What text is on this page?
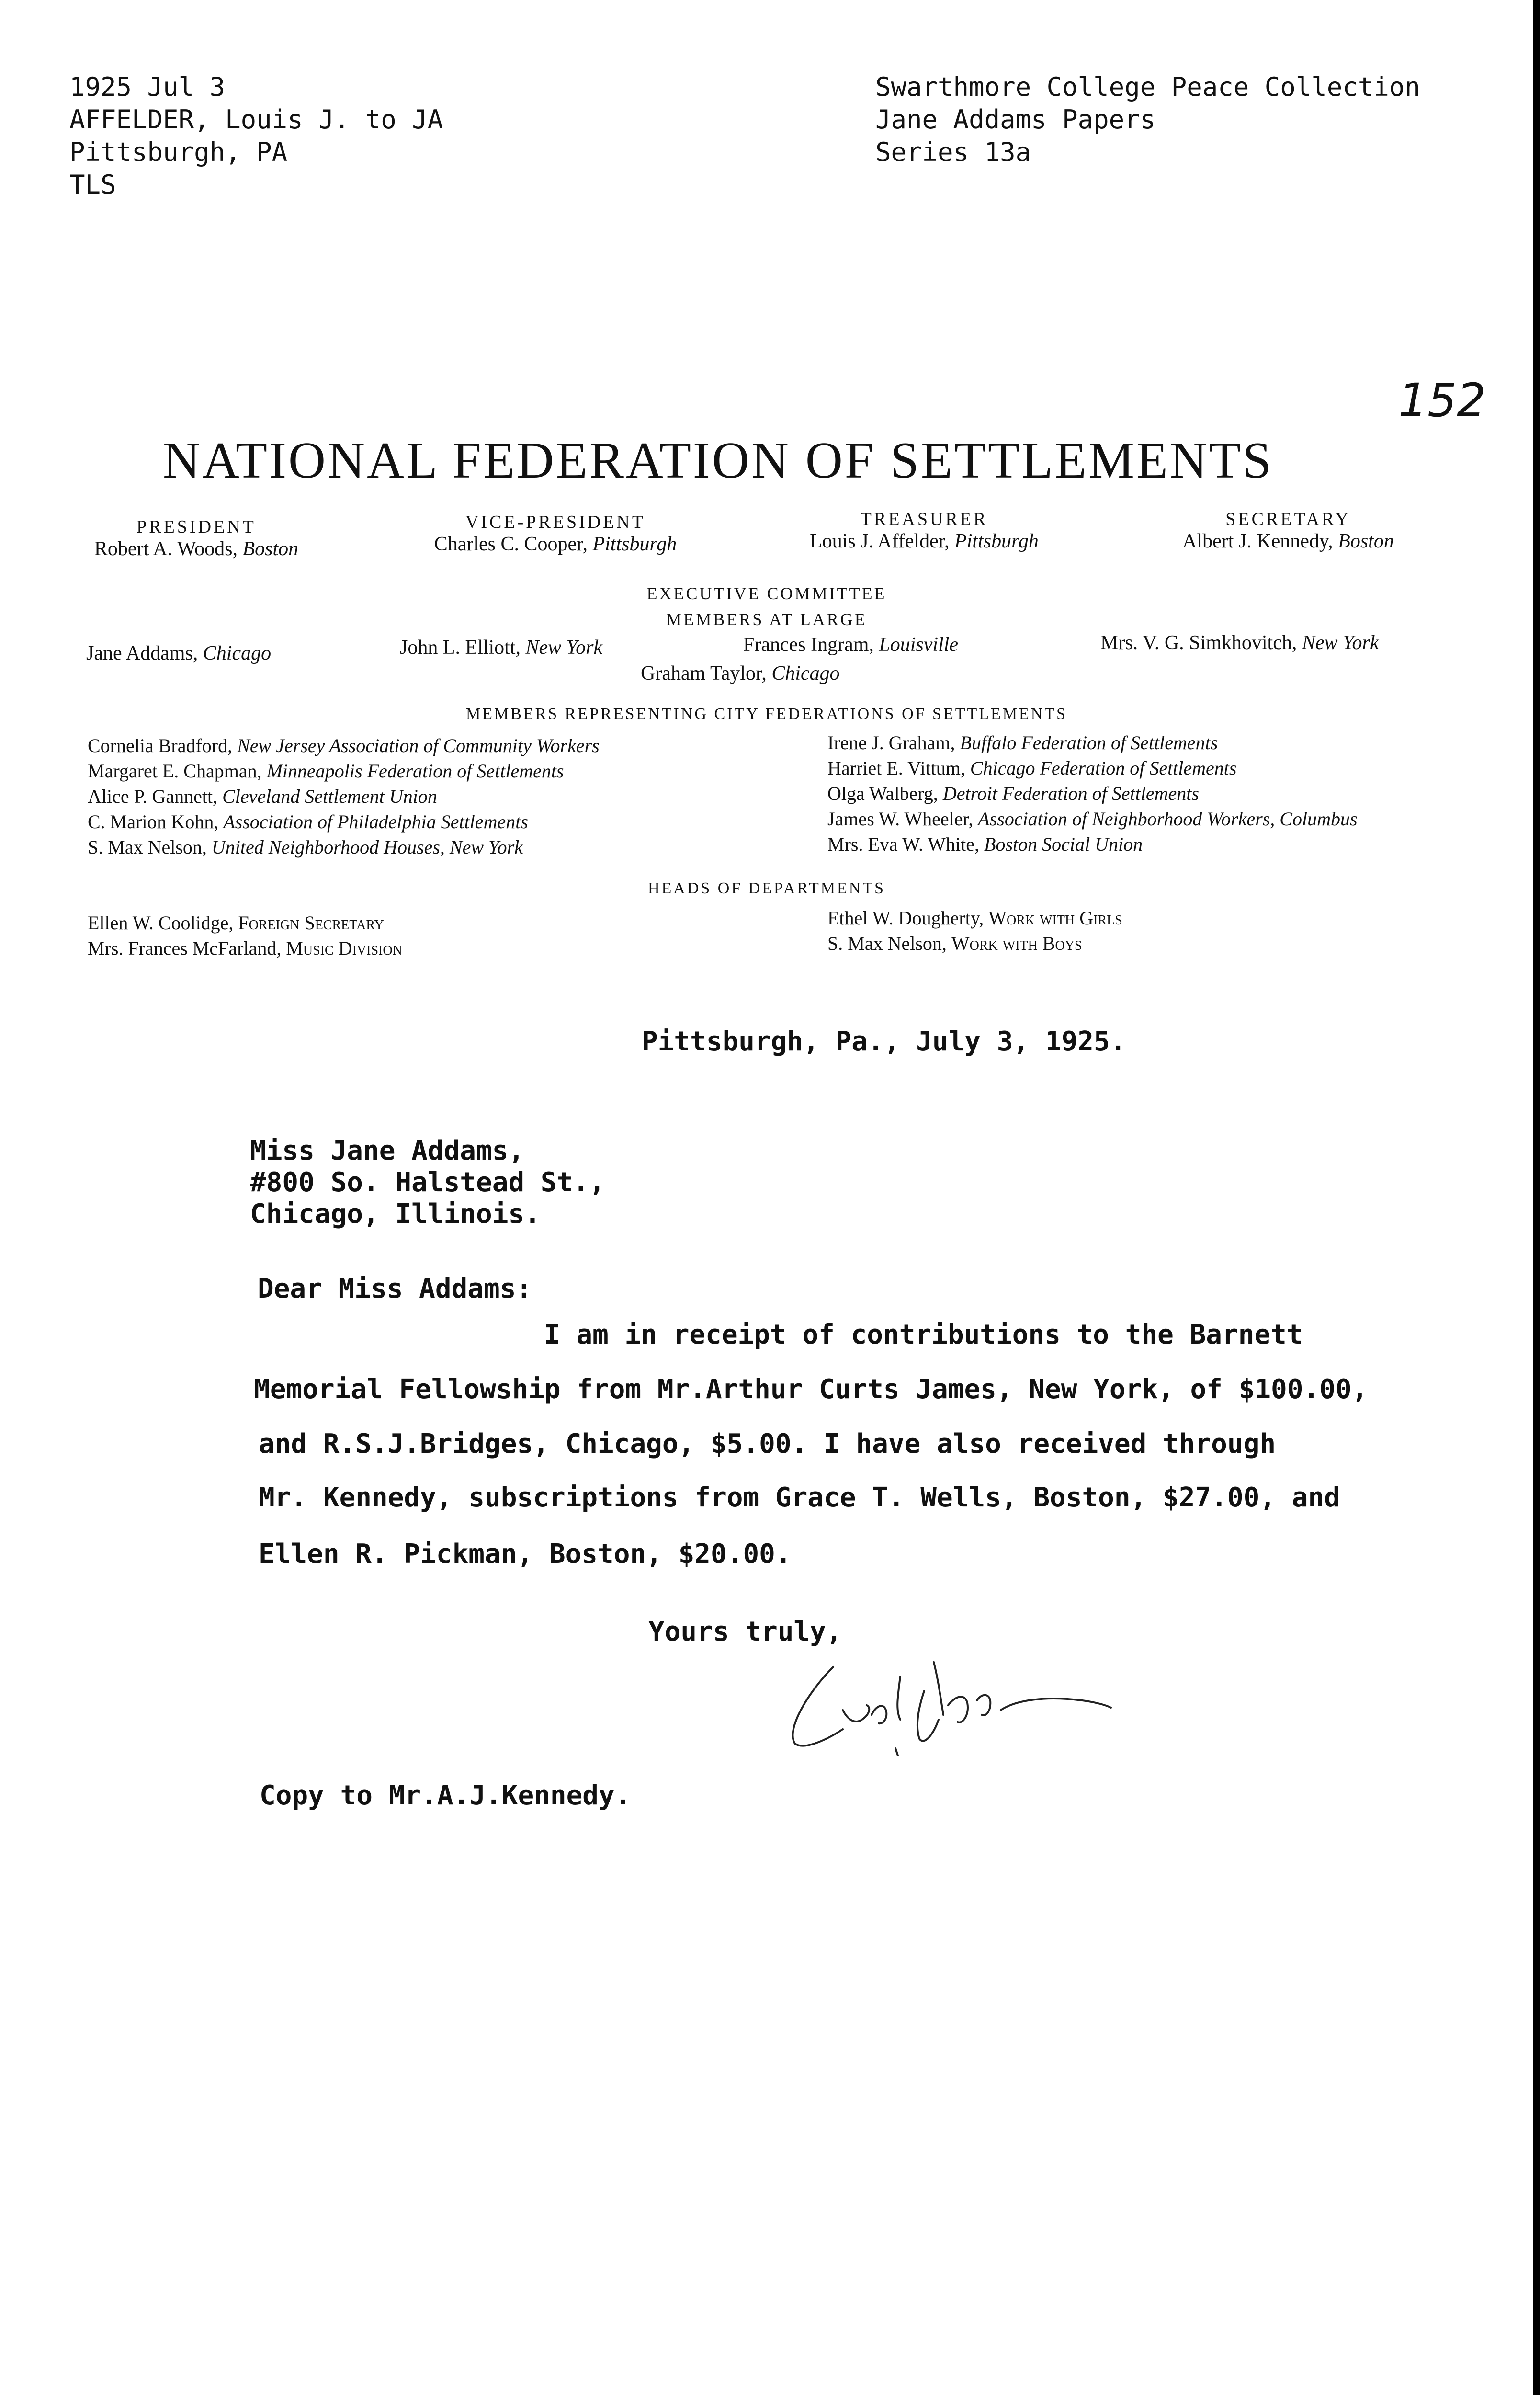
1925 Jul 3
AFFELDER, Louis J. to JA
Pittsburgh, PA
TLS
Swarthmore College Peace Collection
Jane Addams Papers
Series 13a
152
NATIONAL FEDERATION OF SETTLEMENTS
PRESIDENT
Robert A. Woods, Boston
VICE-PRESIDENT
Charles C. Cooper, Pittsburgh
TREASURER
Louis J. Affelder, Pittsburgh
SECRETARY
Albert J. Kennedy, Boston
EXECUTIVE COMMITTEE
MEMBERS AT LARGE
Jane Addams, Chicago	John L. Elliott, New York	Frances Ingram, Louisville	Mrs. V. G. Simkhovitch, New York
Graham Taylor, Chicago
MEMBERS REPRESENTING CITY FEDERATIONS OF SETTLEMENTS
Cornelia Bradford, New Jersey Association of Community Workers
Margaret E. Chapman, Minneapolis Federation of Settlements
Alice P. Gannett, Cleveland Settlement Union
C. Marion Kohn, Association of Philadelphia Settlements
S. Max Nelson, United Neighborhood Houses, New York
Irene J. Graham, Buffalo Federation of Settlements
Harriet E. Vittum, Chicago Federation of Settlements
Olga Walberg, Detroit Federation of Settlements
James W. Wheeler, Association of Neighborhood Workers, Columbus
Mrs. Eva W. White, Boston Social Union
HEADS OF DEPARTMENTS
Ellen W. Coolidge, Foreign Secretary
Mrs. Frances McFarland, Music Division
Ethel W. Dougherty, Work with Girls
S. Max Nelson, Work with Boys
Pittsburgh, Pa., July 3, 1925.
Miss Jane Addams,
#800 So. Halstead St.,
Chicago, Illinois.
Dear Miss Addams:
I am in receipt of contributions to the Barnett
Memorial Fellowship from Mr.Arthur Curts James, New York, of $100.00,
and R.S.J.Bridges, Chicago, $5.00. I have also received through
Mr. Kennedy, subscriptions from Grace T. Wells, Boston, $27.00, and
Ellen R. Pickman, Boston, $20.00.
Yours truly,
Copy to Mr.A.J.Kennedy.
